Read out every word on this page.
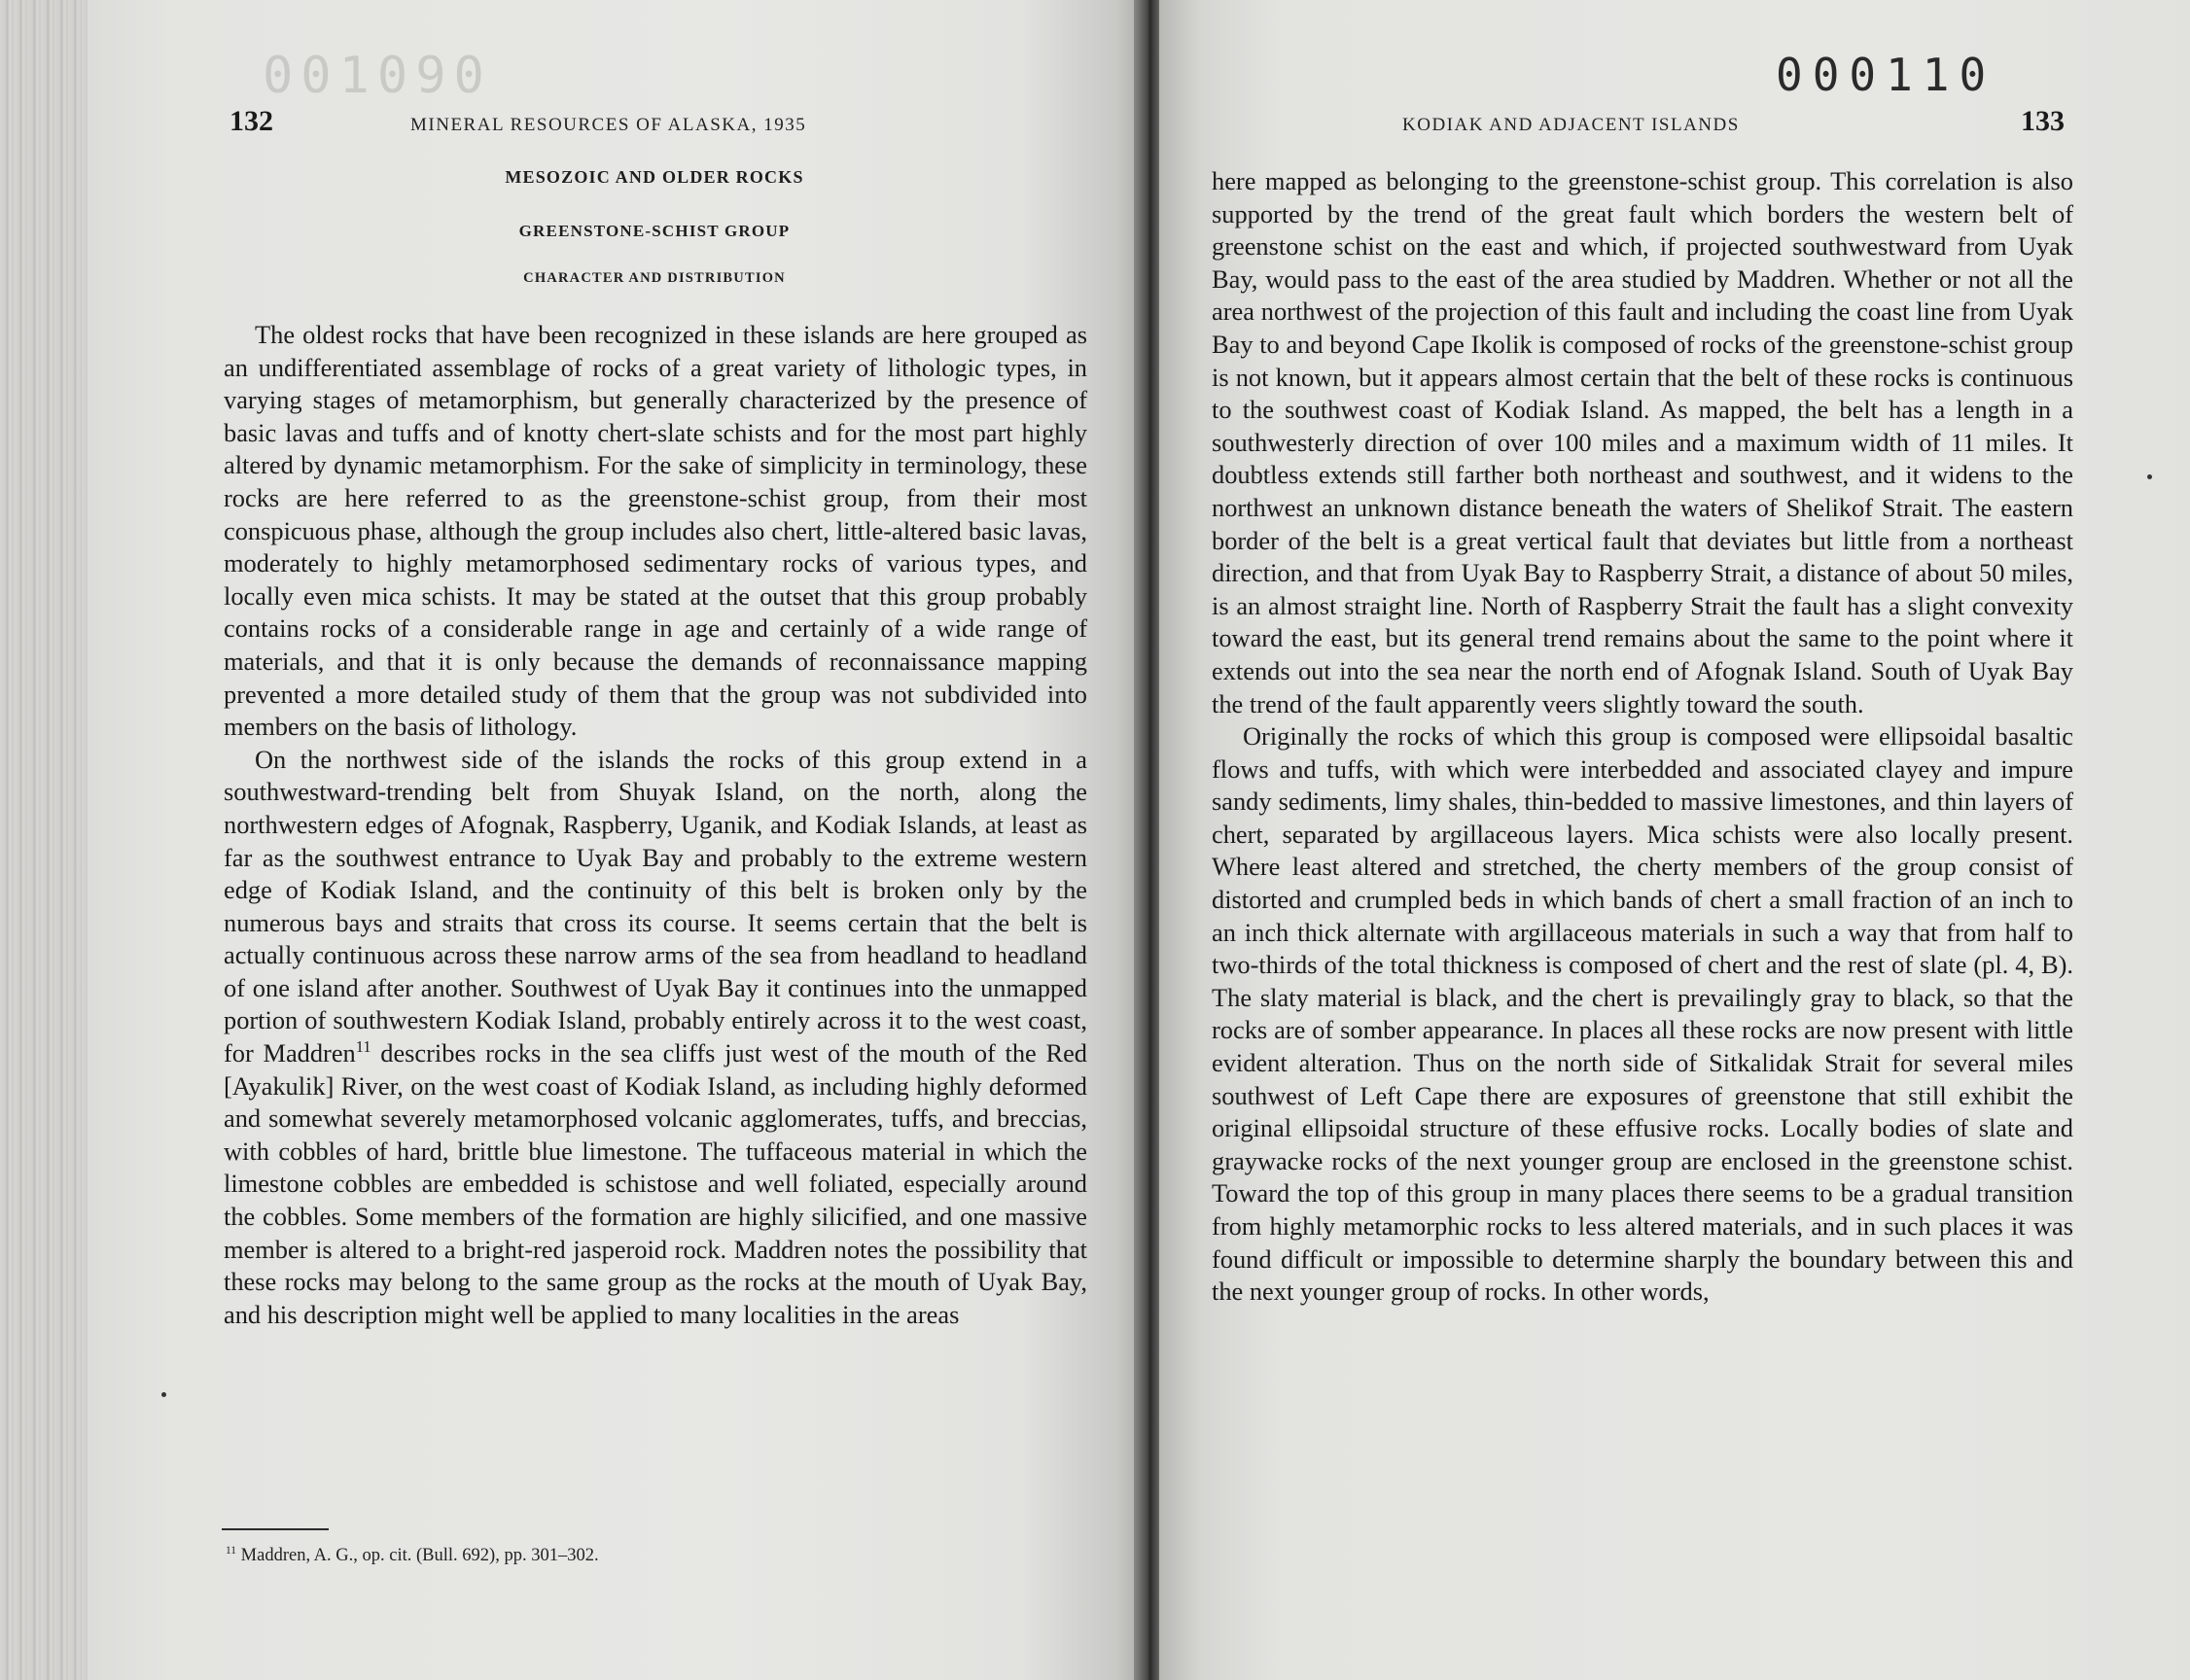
001090
132	MINERAL RESOURCES OF ALASKA, 1935
MESOZOIC AND OLDER ROCKS
GREENSTONE-SCHIST GROUP
CHARACTER AND DISTRIBUTION

The oldest rocks that have been recognized in these islands are here grouped as an undifferentiated assemblage of rocks of a great variety of lithologic types, in varying stages of metamorphism, but generally characterized by the presence of basic lavas and tuffs and of knotty chert-slate schists and for the most part highly altered by dynamic metamorphism. For the sake of simplicity in terminology, these rocks are here referred to as the greenstone-schist group, from their most conspicuous phase, although the group includes also chert, little-altered basic lavas, moderately to highly metamorphosed sedimentary rocks of various types, and locally even mica schists. It may be stated at the outset that this group probably contains rocks of a considerable range in age and certainly of a wide range of materials, and that it is only because the demands of reconnaissance mapping prevented a more detailed study of them that the group was not subdivided into members on the basis of lithology.

On the northwest side of the islands the rocks of this group extend in a southwestward-trending belt from Shuyak Island, on the north, along the northwestern edges of Afognak, Raspberry, Uganik, and Kodiak Islands, at least as far as the southwest entrance to Uyak Bay and probably to the extreme western edge of Kodiak Island, and the continuity of this belt is broken only by the numerous bays and straits that cross its course. It seems certain that the belt is actually continuous across these narrow arms of the sea from headland to headland of one island after another. Southwest of Uyak Bay it continues into the unmapped portion of southwestern Kodiak Island, probably entirely across it to the west coast, for Maddren$^{11}$ describes rocks in the sea cliffs just west of the mouth of the Red [Ayakulik] River, on the west coast of Kodiak Island, as including highly deformed and somewhat severely metamorphosed volcanic agglomerates, tuffs, and breccias, with cobbles of hard, brittle blue limestone. The tuffaceous material in which the limestone cobbles are embedded is schistose and well foliated, especially around the cobbles. Some members of the formation are highly silicified, and one massive member is altered to a bright-red jasperoid rock. Maddren notes the possibility that these rocks may belong to the same group as the rocks at the mouth of Uyak Bay, and his description might well be applied to many localities in the areas

$^{11}$ Maddren, A. G., op. cit. (Bull. 692), pp. 301–302.
000110
KODIAK AND ADJACENT ISLANDS	133

here mapped as belonging to the greenstone-schist group. This correlation is also supported by the trend of the great fault which borders the western belt of greenstone schist on the east and which, if projected southwestward from Uyak Bay, would pass to the east of the area studied by Maddren. Whether or not all the area northwest of the projection of this fault and including the coast line from Uyak Bay to and beyond Cape Ikolik is composed of rocks of the greenstone-schist group is not known, but it appears almost certain that the belt of these rocks is continuous to the southwest coast of Kodiak Island. As mapped, the belt has a length in a southwesterly direction of over 100 miles and a maximum width of 11 miles. It doubtless extends still farther both northeast and southwest, and it widens to the northwest an unknown distance beneath the waters of Shelikof Strait. The eastern border of the belt is a great vertical fault that deviates but little from a northeast direction, and that from Uyak Bay to Raspberry Strait, a distance of about 50 miles, is an almost straight line. North of Raspberry Strait the fault has a slight convexity toward the east, but its general trend remains about the same to the point where it extends out into the sea near the north end of Afognak Island. South of Uyak Bay the trend of the fault apparently veers slightly toward the south.

Originally the rocks of which this group is composed were ellipsoidal basaltic flows and tuffs, with which were interbedded and associated clayey and impure sandy sediments, limy shales, thin-bedded to massive limestones, and thin layers of chert, separated by argillaceous layers. Mica schists were also locally present. Where least altered and stretched, the cherty members of the group consist of distorted and crumpled beds in which bands of chert a small fraction of an inch to an inch thick alternate with argillaceous materials in such a way that from half to two-thirds of the total thickness is composed of chert and the rest of slate (pl. 4, B). The slaty material is black, and the chert is prevailingly gray to black, so that the rocks are of somber appearance. In places all these rocks are now present with little evident alteration. Thus on the north side of Sitkalidak Strait for several miles southwest of Left Cape there are exposures of greenstone that still exhibit the original ellipsoidal structure of these effusive rocks. Locally bodies of slate and graywacke rocks of the next younger group are enclosed in the greenstone schist. Toward the top of this group in many places there seems to be a gradual transition from highly metamorphic rocks to less altered materials, and in such places it was found difficult or impossible to determine sharply the boundary between this and the next younger group of rocks. In other words,
